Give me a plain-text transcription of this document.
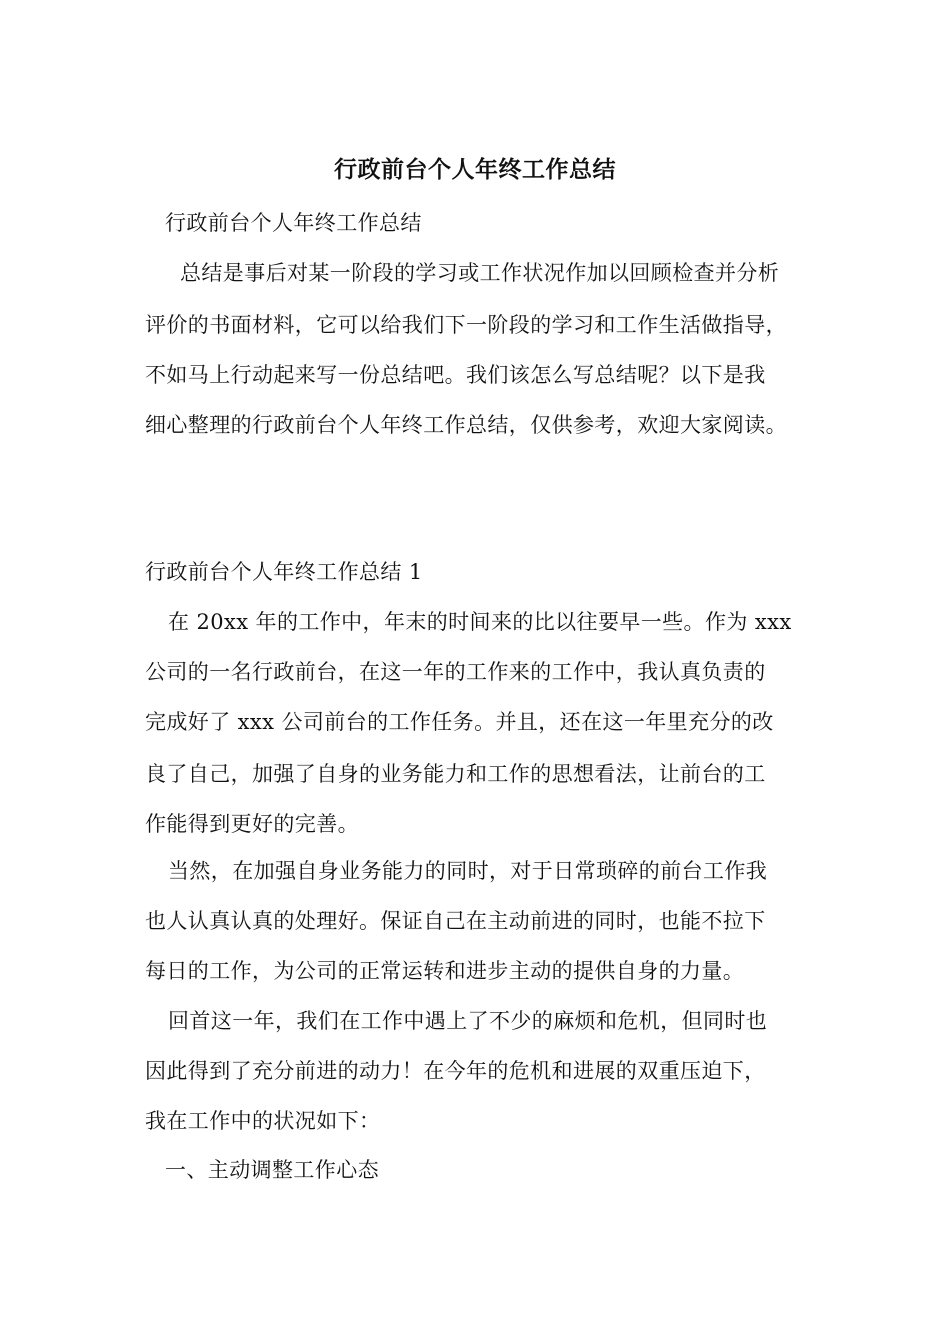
行政前台个人年终工作总结
行政前台个人年终工作总结
总结是事后对某一阶段的学习或工作状况作加以回顾检查并分析
评价的书面材料，它可以给我们下一阶段的学习和工作生活做指导，
不如马上行动起来写一份总结吧。我们该怎么写总结呢？以下是我
细心整理的行政前台个人年终工作总结，仅供参考，欢迎大家阅读。
行政前台个人年终工作总结 1
在 20xx 年的工作中，年末的时间来的比以往要早一些。作为 xxx
公司的一名行政前台，在这一年的工作来的工作中，我认真负责的
完成好了 xxx 公司前台的工作任务。并且，还在这一年里充分的改
良了自己，加强了自身的业务能力和工作的思想看法，让前台的工
作能得到更好的完善。
当然，在加强自身业务能力的同时，对于日常琐碎的前台工作我
也人认真认真的处理好。保证自己在主动前进的同时，也能不拉下
每日的工作，为公司的正常运转和进步主动的提供自身的力量。
回首这一年，我们在工作中遇上了不少的麻烦和危机，但同时也
因此得到了充分前进的动力！在今年的危机和进展的双重压迫下，
我在工作中的状况如下：
一、主动调整工作心态
